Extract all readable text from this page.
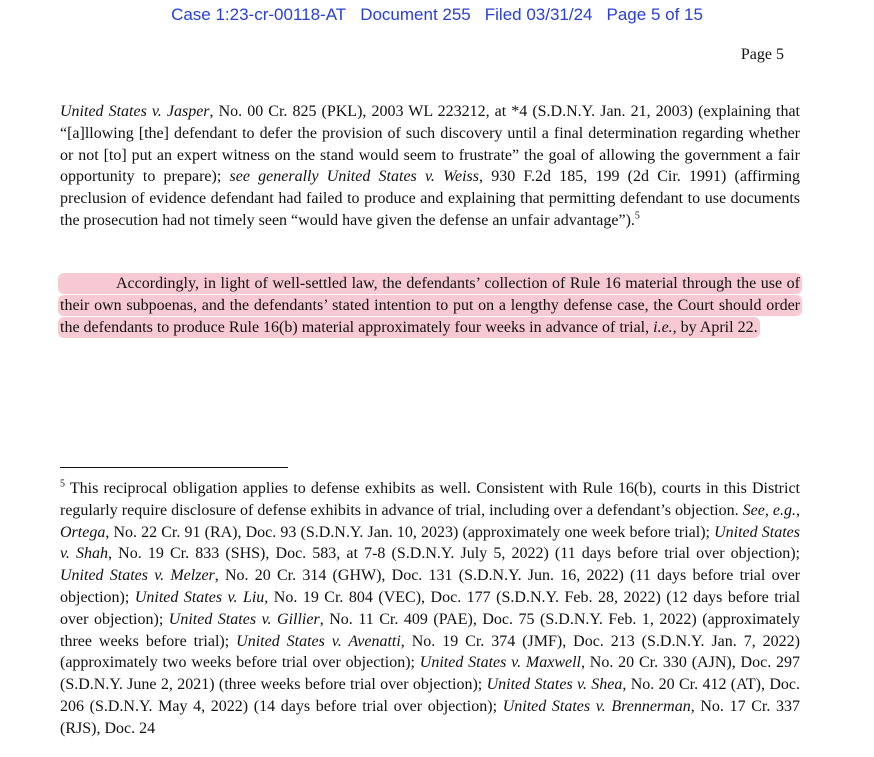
Case 1:23-cr-00118-AT Document 255 Filed 03/31/24 Page 5 of 15
Page 5
United States v. Jasper, No. 00 Cr. 825 (PKL), 2003 WL 223212, at *4 (S.D.N.Y. Jan. 21, 2003) (explaining that “[a]llowing [the] defendant to defer the provision of such discovery until a final determination regarding whether or not [to] put an expert witness on the stand would seem to frustrate” the goal of allowing the government a fair opportunity to prepare); see generally United States v. Weiss, 930 F.2d 185, 199 (2d Cir. 1991) (affirming preclusion of evidence defendant had failed to produce and explaining that permitting defendant to use documents the prosecution had not timely seen “would have given the defense an unfair advantage”).$^5$
Accordingly, in light of well-settled law, the defendants’ collection of Rule 16 material through the use of their own subpoenas, and the defendants’ stated intention to put on a lengthy defense case, the Court should order the defendants to produce Rule 16(b) material approximately four weeks in advance of trial, i.e., by April 22.
$^5$ This reciprocal obligation applies to defense exhibits as well. Consistent with Rule 16(b), courts in this District regularly require disclosure of defense exhibits in advance of trial, including over a defendant’s objection. See, e.g., Ortega, No. 22 Cr. 91 (RA), Doc. 93 (S.D.N.Y. Jan. 10, 2023) (approximately one week before trial); United States v. Shah, No. 19 Cr. 833 (SHS), Doc. 583, at 7-8 (S.D.N.Y. July 5, 2022) (11 days before trial over objection); United States v. Melzer, No. 20 Cr. 314 (GHW), Doc. 131 (S.D.N.Y. Jun. 16, 2022) (11 days before trial over objection); United States v. Liu, No. 19 Cr. 804 (VEC), Doc. 177 (S.D.N.Y. Feb. 28, 2022) (12 days before trial over objection); United States v. Gillier, No. 11 Cr. 409 (PAE), Doc. 75 (S.D.N.Y. Feb. 1, 2022) (approximately three weeks before trial); United States v. Avenatti, No. 19 Cr. 374 (JMF), Doc. 213 (S.D.N.Y. Jan. 7, 2022) (approximately two weeks before trial over objection); United States v. Maxwell, No. 20 Cr. 330 (AJN), Doc. 297 (S.D.N.Y. June 2, 2021) (three weeks before trial over objection); United States v. Shea, No. 20 Cr. 412 (AT), Doc. 206 (S.D.N.Y. May 4, 2022) (14 days before trial over objection); United States v. Brennerman, No. 17 Cr. 337 (RJS), Doc. 24
